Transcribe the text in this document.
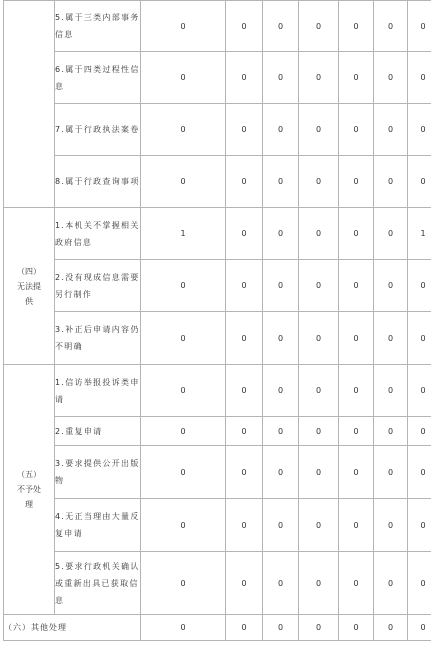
	5.属于三类内部事务信息	0	0	0	0	0	0	0
	6.属于四类过程性信息	0	0	0	0	0	0	0
	7.属于行政执法案卷	0	0	0	0	0	0	0
	8.属于行政查询事项	0	0	0	0	0	0	0
（四）无法提供	1.本机关不掌握相关政府信息	1	0	0	0	0	0	1
	2.没有现成信息需要另行制作	0	0	0	0	0	0	0
	3.补正后申请内容仍不明确	0	0	0	0	0	0	0
（五）不予处理	1.信访举报投诉类申请	0	0	0	0	0	0	0
	2.重复申请	0	0	0	0	0	0	0
	3.要求提供公开出版物	0	0	0	0	0	0	0
	4.无正当理由大量反复申请	0	0	0	0	0	0	0
	5.要求行政机关确认或重新出具已获取信息	0	0	0	0	0	0	0
（六）其他处理		0	0	0	0	0	0	0
